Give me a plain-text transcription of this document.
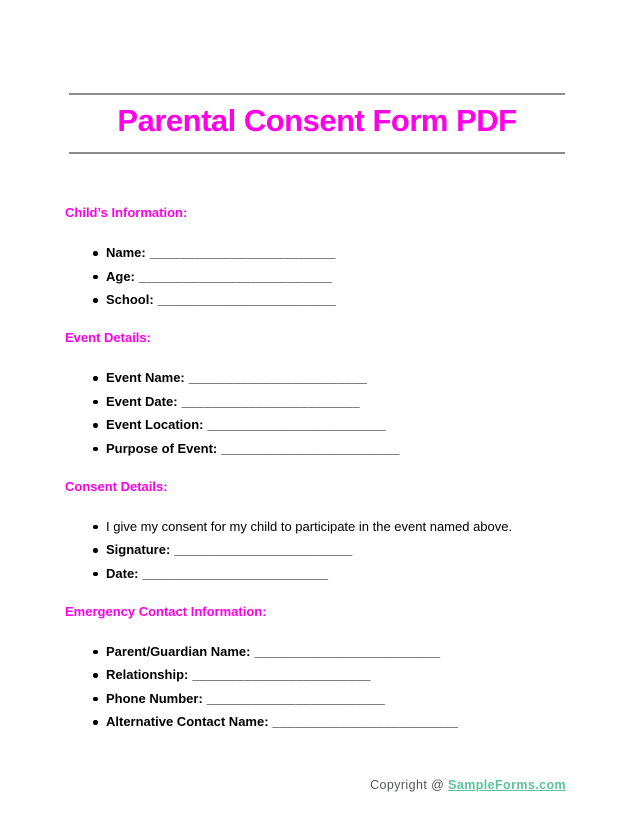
Parental Consent Form PDF
Child’s Information:
Name: _________________________
Age: __________________________
School: ________________________
Event Details:
Event Name: ________________________
Event Date: ________________________
Event Location: ________________________
Purpose of Event: ________________________
Consent Details:
I give my consent for my child to participate in the event named above.
Signature: ________________________
Date: _________________________
Emergency Contact Information:
Parent/Guardian Name: _________________________
Relationship: ________________________
Phone Number: ________________________
Alternative Contact Name: _________________________
Copyright @ SampleForms.com
